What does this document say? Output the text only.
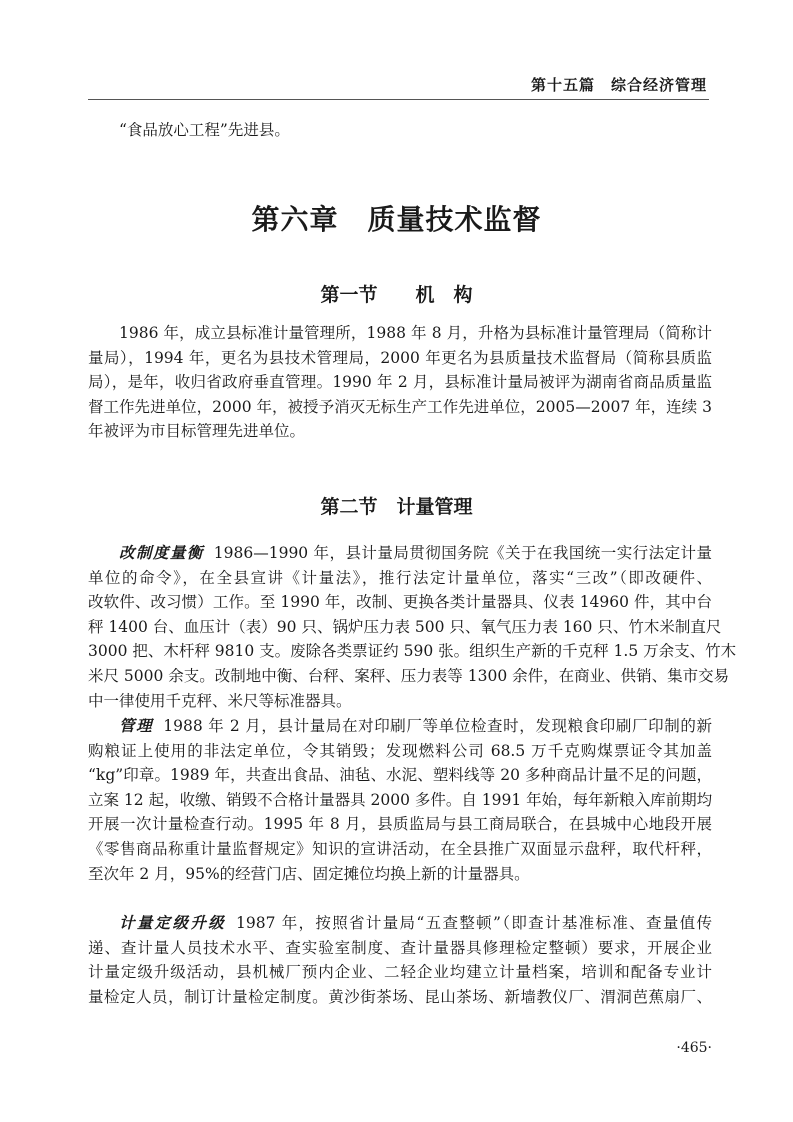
第十五篇　综合经济管理
“食品放心工程”先进县。
第六章　质量技术监督
第一节　　机　构
1986 年，成立县标准计量管理所，1988 年 8 月，升格为县标准计量管理局（简称计
量局），1994 年，更名为县技术管理局，2000 年更名为县质量技术监督局（简称县质监
局），是年，收归省政府垂直管理。1990 年 2 月，县标准计量局被评为湖南省商品质量监
督工作先进单位，2000 年，被授予消灭无标生产工作先进单位，2005—2007 年，连续 3
年被评为市目标管理先进单位。
第二节　计量管理
改制度量衡 1986—1990 年，县计量局贯彻国务院《关于在我国统一实行法定计量
单位的命令》，在全县宣讲《计量法》，推行法定计量单位，落实“三改”（即改硬件、
改软件、改习惯）工作。至 1990 年，改制、更换各类计量器具、仪表 14960 件，其中台
秤 1400 台、血压计（表）90 只、锅炉压力表 500 只、氧气压力表 160 只、竹木米制直尺
3000 把、木杆秤 9810 支。废除各类票证约 590 张。组织生产新的千克秤 1.5 万余支、竹木
米尺 5000 余支。改制地中衡、台秤、案秤、压力表等 1300 余件，在商业、供销、集市交易
中一律使用千克秤、米尺等标准器具。
管理 1988 年 2 月，县计量局在对印刷厂等单位检查时，发现粮食印刷厂印制的新
购粮证上使用的非法定单位，令其销毁；发现燃料公司 68.5 万千克购煤票证令其加盖
“kg”印章。1989 年，共查出食品、油毡、水泥、塑料线等 20 多种商品计量不足的问题，
立案 12 起，收缴、销毁不合格计量器具 2000 多件。自 1991 年始，每年新粮入库前期均
开展一次计量检查行动。1995 年 8 月，县质监局与县工商局联合，在县城中心地段开展
《零售商品称重计量监督规定》知识的宣讲活动，在全县推广双面显示盘秤，取代杆秤，
至次年 2 月，95%的经营门店、固定摊位均换上新的计量器具。
计量定级升级 1987 年，按照省计量局“五查整顿”（即查计基准标准、查量值传
递、查计量人员技术水平、查实验室制度、查计量器具修理检定整顿）要求，开展企业
计量定级升级活动，县机械厂预内企业、二轻企业均建立计量档案，培训和配备专业计
量检定人员，制订计量检定制度。黄沙街茶场、昆山茶场、新墙教仪厂、渭洞芭蕉扇厂、
·465·
